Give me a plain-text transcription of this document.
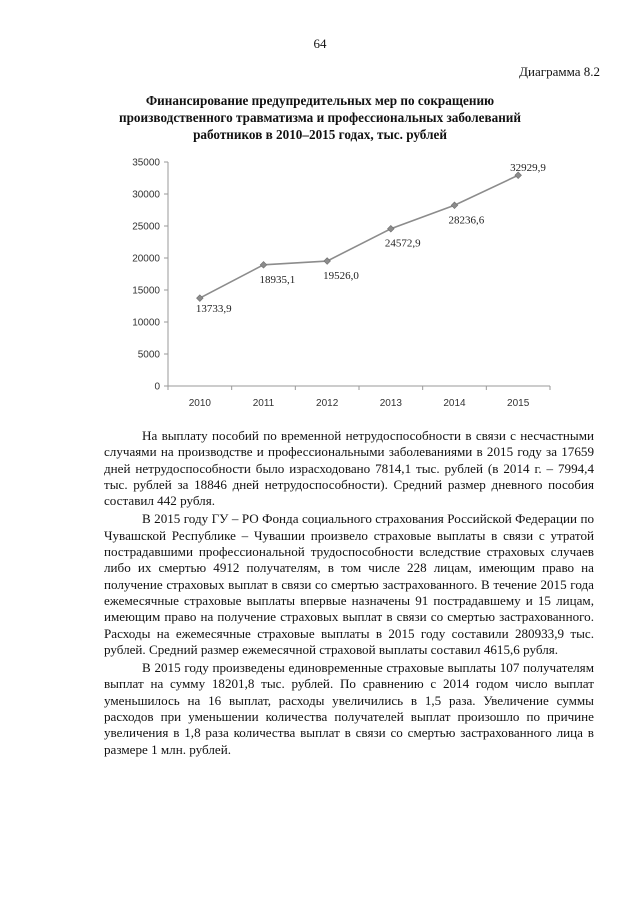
64
Диаграмма 8.2
Финансирование предупредительных мер по сокращению
производственного травматизма и профессиональных заболеваний
работников в 2010–2015 годах, тыс. рублей
0
5000
10000
15000
20000
25000
30000
35000
2010	2011	2012	2013	2014	2015
13733,9
18935,1	19526,0
24572,9
28236,6
32929,9

На выплату пособий по временной нетрудоспособности в связи с несчастными случаями на производстве и профессиональными заболеваниями в 2015 году за 17659 дней нетрудоспособности было израсходовано 7814,1 тыс. рублей (в 2014 г. – 7994,4 тыс. рублей за 18846 дней нетрудоспособности). Средний размер дневного пособия составил 442 рубля.

В 2015 году ГУ – РО Фонда социального страхования Российской Федерации по Чувашской Республике – Чувашии произвело страховые выплаты в связи с утратой пострадавшими профессиональной трудоспособности вследствие страховых случаев либо их смертью 4912 получателям, в том числе 228 лицам, имеющим право на получение страховых выплат в связи со смертью застрахованного. В течение 2015 года ежемесячные страховые выплаты впервые назначены 91 пострадавшему и 15 лицам, имеющим право на получение страховых выплат в связи со смертью застрахованного. Расходы на ежемесячные страховые выплаты в 2015 году составили 280933,9 тыс. рублей. Средний размер ежемесячной страховой выплаты составил 4615,6 рубля.

В 2015 году произведены единовременные страховые выплаты 107 получателям выплат на сумму 18201,8 тыс. рублей. По сравнению с 2014 годом число выплат уменьшилось на 16 выплат, расходы увеличились в 1,5 раза. Увеличение суммы расходов при уменьшении количества получателей выплат произошло по причине увеличения в 1,8 раза количества выплат в связи со смертью застрахованного лица в размере 1 млн. рублей.
